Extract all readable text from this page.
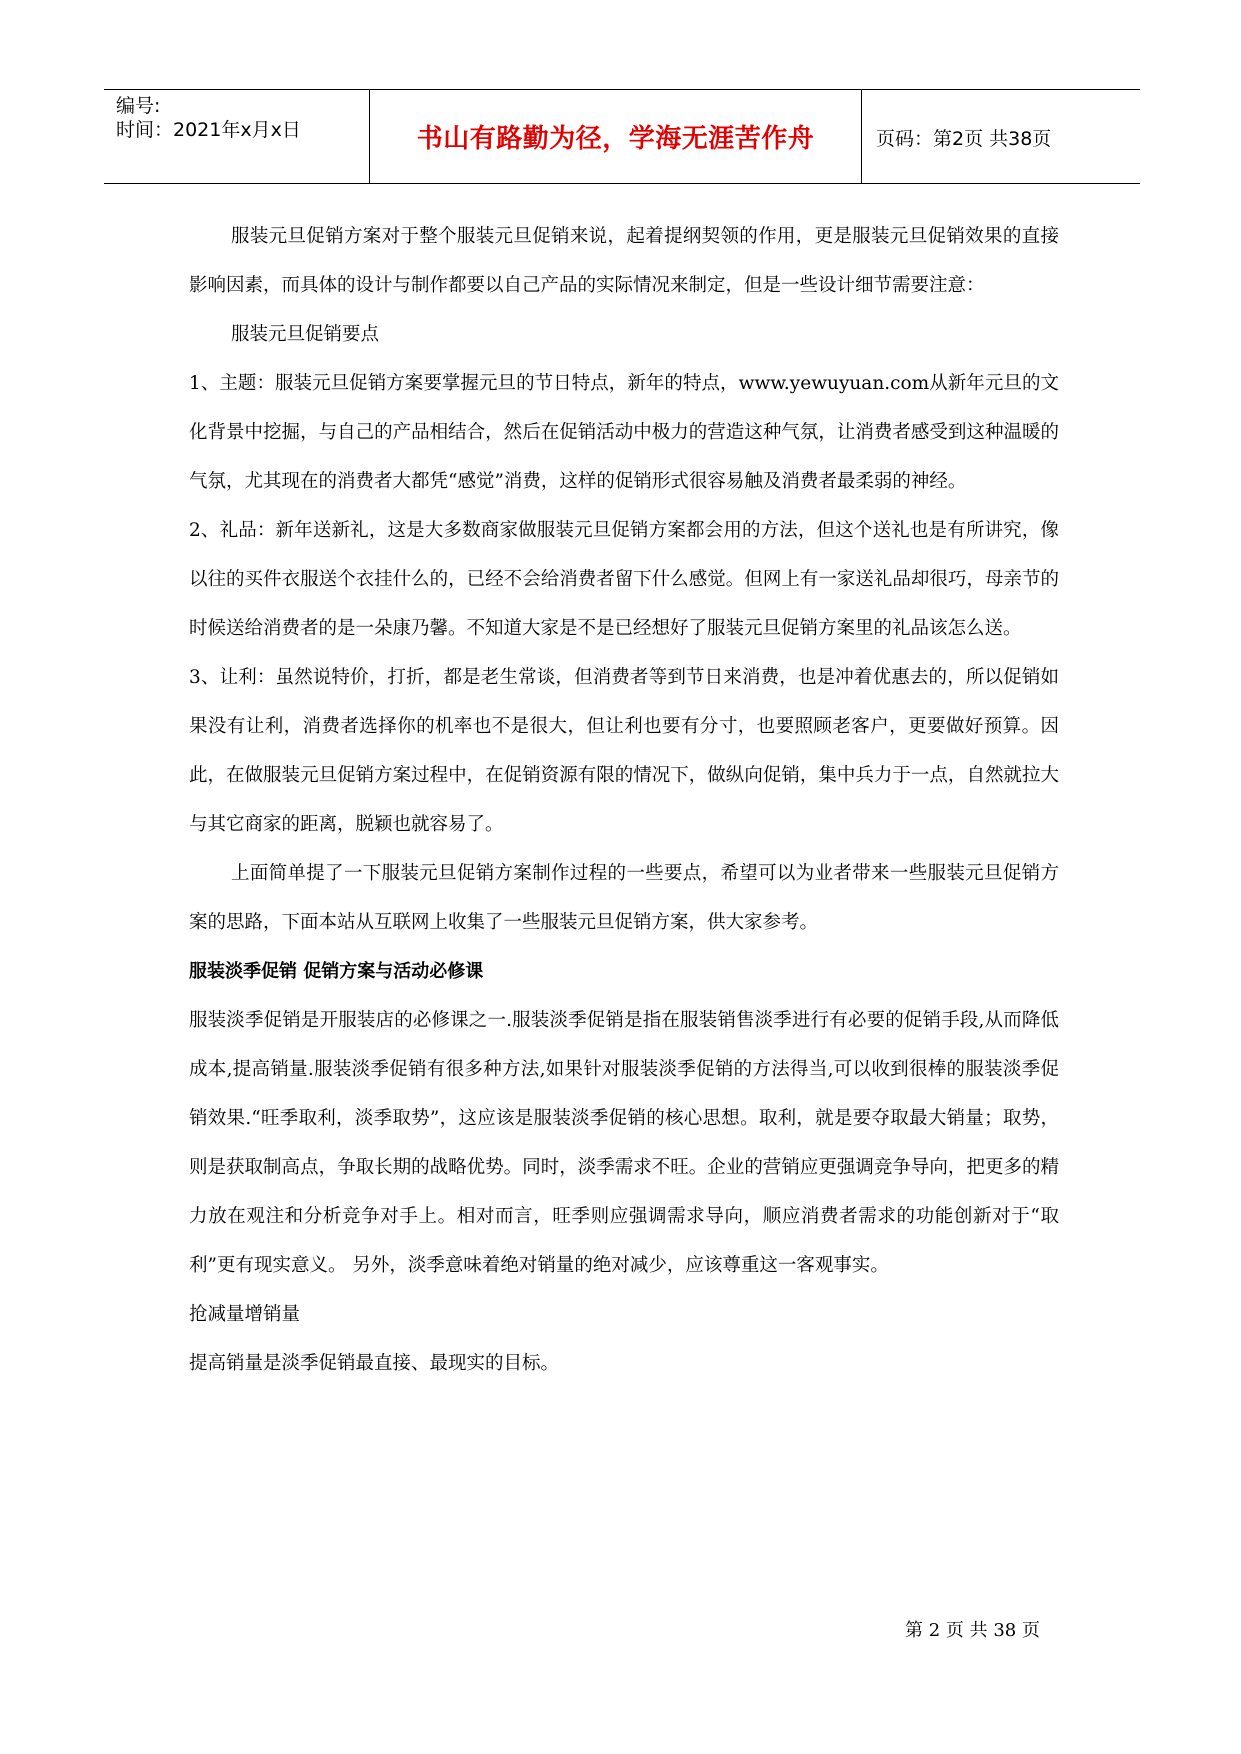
编号:
时间：2021年x月x日	书山有路勤为径，学海无涯苦作舟	页码：第2页 共38页

服装元旦促销方案对于整个服装元旦促销来说，起着提纲契领的作用，更是服装元旦促销效果的直接影响因素，而具体的设计与制作都要以自己产品的实际情况来制定，但是一些设计细节需要注意：

服装元旦促销要点

1、主题：服装元旦促销方案要掌握元旦的节日特点，新年的特点，www.yewuyuan.com从新年元旦的文化背景中挖掘，与自己的产品相结合，然后在促销活动中极力的营造这种气氛，让消费者感受到这种温暖的气氛，尤其现在的消费者大都凭“感觉”消费，这样的促销形式很容易触及消费者最柔弱的神经。

2、礼品：新年送新礼，这是大多数商家做服装元旦促销方案都会用的方法，但这个送礼也是有所讲究，像以往的买件衣服送个衣挂什么的，已经不会给消费者留下什么感觉。但网上有一家送礼品却很巧，母亲节的时候送给消费者的是一朵康乃馨。不知道大家是不是已经想好了服装元旦促销方案里的礼品该怎么送。

3、让利：虽然说特价，打折，都是老生常谈，但消费者等到节日来消费，也是冲着优惠去的，所以促销如果没有让利，消费者选择你的机率也不是很大，但让利也要有分寸，也要照顾老客户，更要做好预算。因此，在做服装元旦促销方案过程中，在促销资源有限的情况下，做纵向促销，集中兵力于一点，自然就拉大与其它商家的距离，脱颖也就容易了。

上面简单提了一下服装元旦促销方案制作过程的一些要点，希望可以为业者带来一些服装元旦促销方案的思路，下面本站从互联网上收集了一些服装元旦促销方案，供大家参考。

服装淡季促销 促销方案与活动必修课

服装淡季促销是开服装店的必修课之一.服装淡季促销是指在服装销售淡季进行有必要的促销手段,从而降低成本,提高销量.服装淡季促销有很多种方法,如果针对服装淡季促销的方法得当,可以收到很棒的服装淡季促销效果.“旺季取利，淡季取势”，这应该是服装淡季促销的核心思想。取利，就是要夺取最大销量；取势，则是获取制高点，争取长期的战略优势。同时，淡季需求不旺。企业的营销应更强调竞争导向，把更多的精力放在观注和分析竞争对手上。相对而言，旺季则应强调需求导向，顺应消费者需求的功能创新对于“取利”更有现实意义。 另外，淡季意味着绝对销量的绝对减少，应该尊重这一客观事实。

抢减量增销量

提高销量是淡季促销最直接、最现实的目标。

第 2 页 共 38 页
